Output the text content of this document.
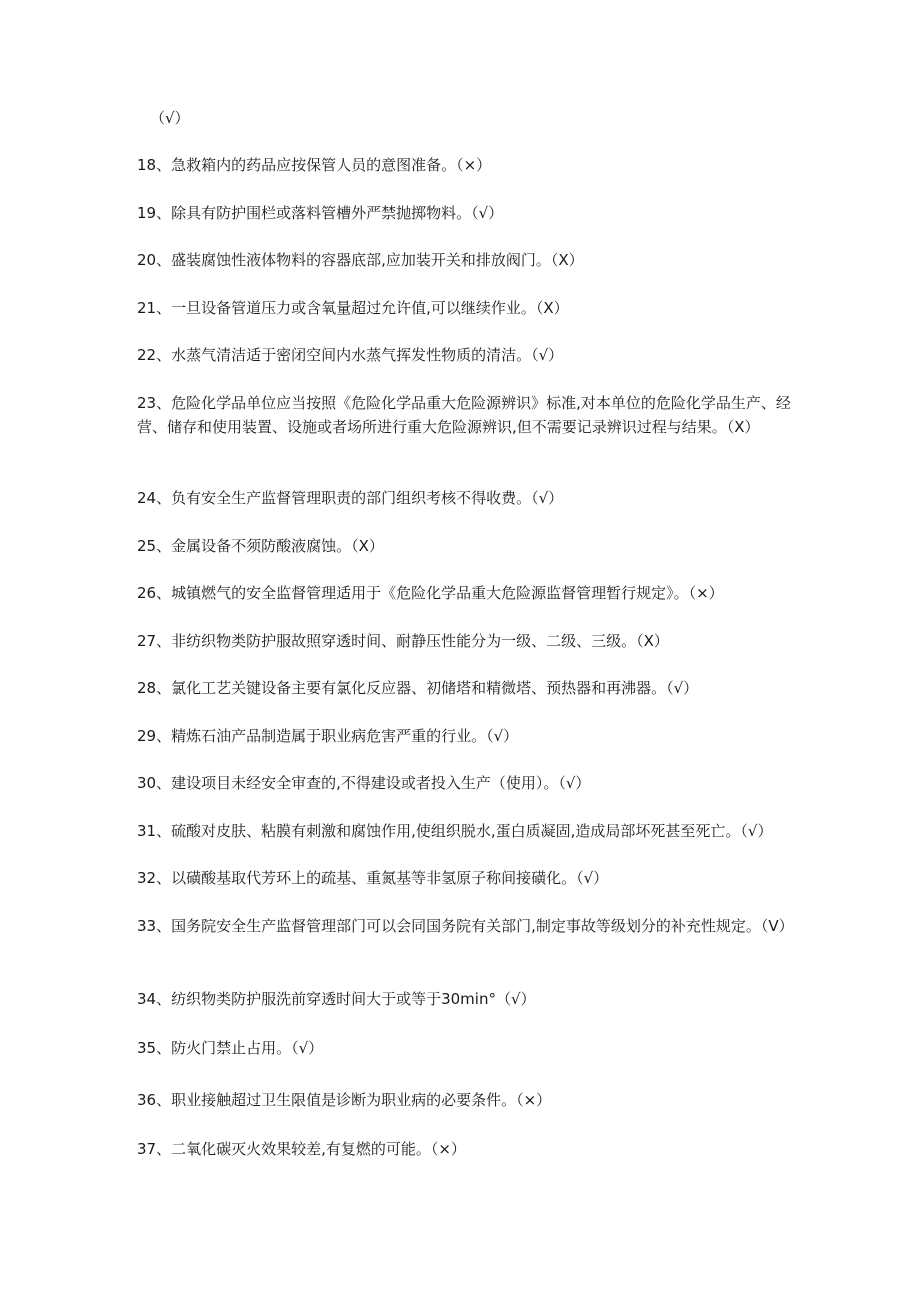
（√）
18、急救箱内的药品应按保管人员的意图准备。（×）
19、除具有防护围栏或落料管槽外严禁抛掷物料。（√）
20、盛装腐蚀性液体物料的容器底部,应加装开关和排放阀门。（X）
21、一旦设备管道压力或含氧量超过允许值,可以继续作业。（X）
22、水蒸气清洁适于密闭空间内水蒸气挥发性物质的清洁。（√）
23、危险化学品单位应当按照《危险化学品重大危险源辨识》标准,对本单位的危险化学品生产、经营、储存和使用装置、设施或者场所进行重大危险源辨识,但不需要记录辨识过程与结果。（X）
24、负有安全生产监督管理职责的部门组织考核不得收费。（√）
25、金属设备不须防酸液腐蚀。（X）
26、城镇燃气的安全监督管理适用于《危险化学品重大危险源监督管理暂行规定》。（×）
27、非纺织物类防护服故照穿透时间、耐静压性能分为一级、二级、三级。（X）
28、氯化工艺关键设备主要有氯化反应器、初储塔和精微塔、预热器和再沸器。（√）
29、精炼石油产品制造属于职业病危害严重的行业。（√）
30、建设项目未经安全审查的,不得建设或者投入生产（使用）。（√）
31、硫酸对皮肤、粘膜有刺激和腐蚀作用,使组织脱水,蛋白质凝固,造成局部坏死甚至死亡。（√）
32、以磺酸基取代芳环上的疏基、重氮基等非氢原子称间接磺化。（√）
33、国务院安全生产监督管理部门可以会同国务院有关部门,制定事故等级划分的补充性规定。（V）
34、纺织物类防护服洗前穿透时间大于或等于30min°（√）
35、防火门禁止占用。（√）
36、职业接触超过卫生限值是诊断为职业病的必要条件。（×）
37、二氧化碳灭火效果较差,有复燃的可能。（×）
